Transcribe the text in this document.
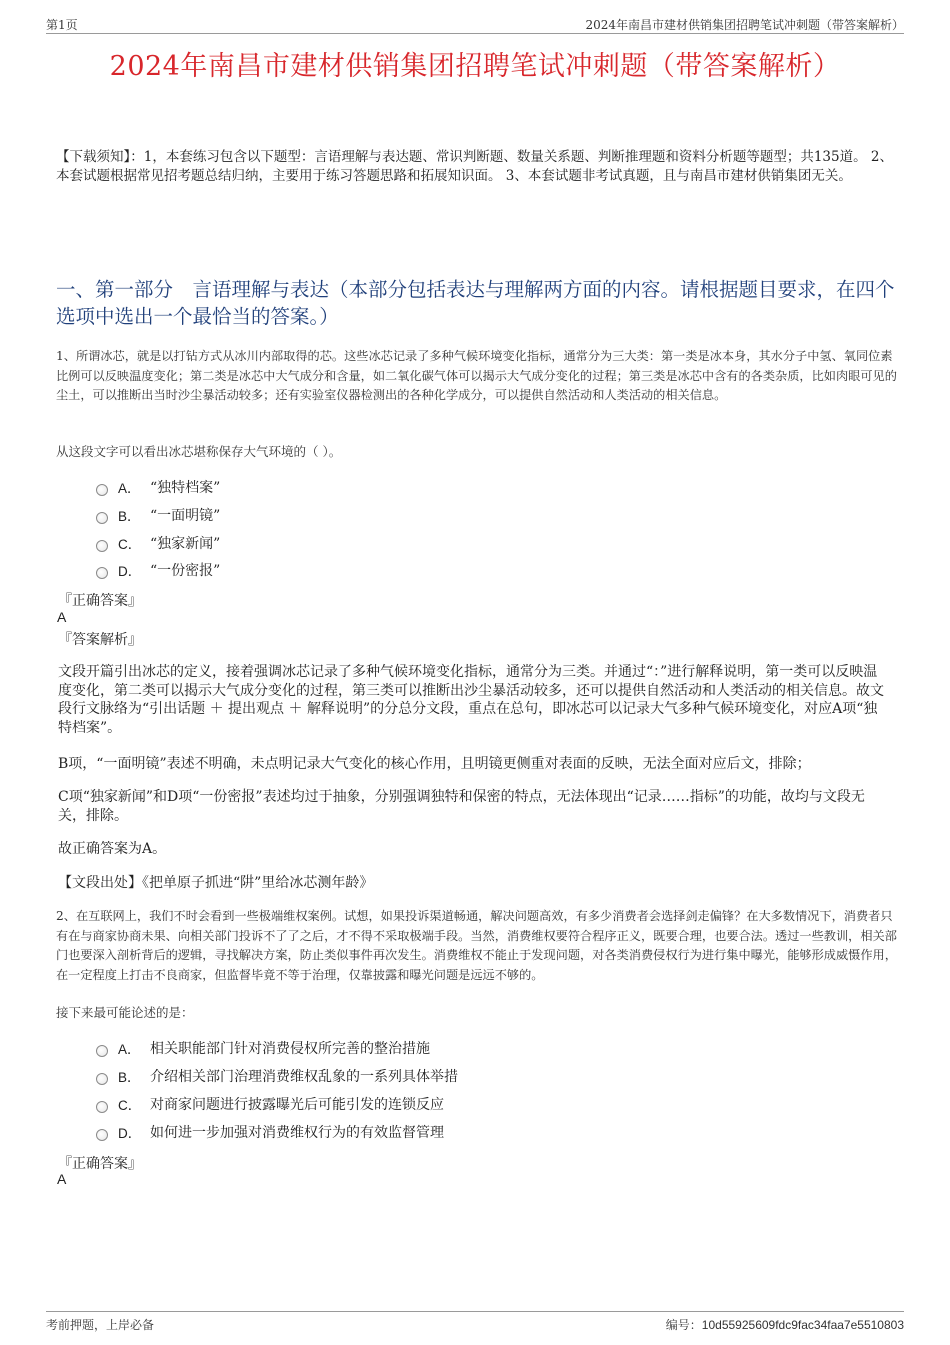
第1页	2024年南昌市建材供销集团招聘笔试冲刺题（带答案解析）
2024年南昌市建材供销集团招聘笔试冲刺题（带答案解析）
【下载须知】：1，本套练习包含以下题型：言语理解与表达题、常识判断题、数量关系题、判断推理题和资料分析题等题型；共135道。 2、本套试题根据常见招考题总结归纳，主要用于练习答题思路和拓展知识面。 3、本套试题非考试真题，且与南昌市建材供销集团无关。
一、第一部分　言语理解与表达（本部分包括表达与理解两方面的内容。请根据题目要求，在四个选项中选出一个最恰当的答案。）
1、所谓冰芯，就是以打钻方式从冰川内部取得的芯。这些冰芯记录了多种气候环境变化指标，通常分为三大类：第一类是冰本身，其水分子中氢、氧同位素比例可以反映温度变化；第二类是冰芯中大气成分和含量，如二氧化碳气体可以揭示大气成分变化的过程；第三类是冰芯中含有的各类杂质，比如肉眼可见的尘土，可以推断出当时沙尘暴活动较多；还有实验室仪器检测出的各种化学成分，可以提供自然活动和人类活动的相关信息。
从这段文字可以看出冰芯堪称保存大气环境的（ ）。
A． “独特档案”
B． “一面明镜”
C． “独家新闻”
D． “一份密报”
『正确答案』
A
『答案解析』
文段开篇引出冰芯的定义，接着强调冰芯记录了多种气候环境变化指标，通常分为三类。并通过“：”进行解释说明，第一类可以反映温度变化，第二类可以揭示大气成分变化的过程，第三类可以推断出沙尘暴活动较多，还可以提供自然活动和人类活动的相关信息。故文段行文脉络为“引出话题 ＋ 提出观点 ＋ 解释说明”的分总分文段，重点在总句，即冰芯可以记录大气多种气候环境变化，对应A项“独特档案”。
B项，“一面明镜”表述不明确，未点明记录大气变化的核心作用，且明镜更侧重对表面的反映，无法全面对应后文，排除；
C项“独家新闻”和D项“一份密报”表述均过于抽象，分别强调独特和保密的特点，无法体现出“记录……指标”的功能，故均与文段无关，排除。
故正确答案为A。
【文段出处】《把单原子抓进“阱”里给冰芯测年龄》
2、在互联网上，我们不时会看到一些极端维权案例。试想，如果投诉渠道畅通，解决问题高效，有多少消费者会选择剑走偏锋？在大多数情况下，消费者只有在与商家协商未果、向相关部门投诉不了了之后，才不得不采取极端手段。当然，消费维权要符合程序正义，既要合理，也要合法。透过一些教训，相关部门也要深入剖析背后的逻辑，寻找解决方案，防止类似事件再次发生。消费维权不能止于发现问题，对各类消费侵权行为进行集中曝光，能够形成威慑作用，在一定程度上打击不良商家，但监督毕竟不等于治理，仅靠披露和曝光问题是远远不够的。
接下来最可能论述的是：
A． 相关职能部门针对消费侵权所完善的整治措施
B． 介绍相关部门治理消费维权乱象的一系列具体举措
C． 对商家问题进行披露曝光后可能引发的连锁反应
D． 如何进一步加强对消费维权行为的有效监督管理
『正确答案』
A
考前押题，上岸必备	编号：10d55925609fdc9fac34faa7e5510803
